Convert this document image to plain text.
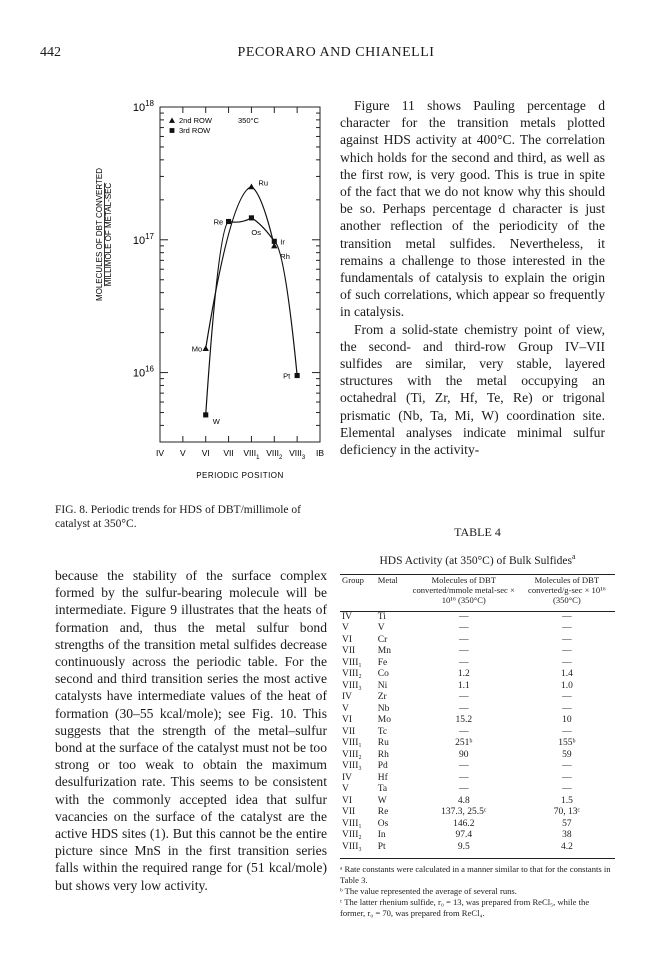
442	PECORARO AND CHIANELLI
$10^{18}$
$10^{17}$
$10^{16}$
IV V VI VII $VIII_1$ $VIII_2$ $VIII_3$ IB
PERIODIC POSITION
MOLECULES OF DBT CONVERTED MILLIMOLE OF METAL-SEC
2nd ROW
3rd ROW
350°C
Mo
Ru
Rh
W
Re
Os
Ir
Pt
FIG. 8. Periodic trends for HDS of DBT/millimole of catalyst at 350°C.

Figure 11 shows Pauling percentage d character for the transition metals plotted against HDS activity at 400°C. The correlation which holds for the second and third, as well as the first row, is very good. This is true in spite of the fact that we do not know why this should be so. Perhaps percentage d character is just another reflection of the periodicity of the transition metal sulfides. Nevertheless, it remains a challenge to those interested in the fundamentals of catalysis to explain the origin of such correlations, which appear so frequently in catalysis.

From a solid-state chemistry point of view, the second- and third-row Group IV–VII sulfides are similar, very stable, layered structures with the metal occupying an octahedral (Ti, Zr, Hf, Te, Re) or trigonal prismatic (Nb, Ta, Mi, W) coordination site. Elemental analyses indicate minimal sulfur deficiency in the activity-

because the stability of the surface complex formed by the sulfur-bearing molecule will be intermediate. Figure 9 illustrates that the heats of formation and, thus the metal sulfur bond strengths of the transition metal sulfides decrease continuously across the periodic table. For the second and third transition series the most active catalysts have intermediate values of the heat of formation (30–55 kcal/mole); see Fig. 10. This suggests that the strength of the metal–sulfur bond at the surface of the catalyst must not be too strong or too weak to obtain the maximum desulfurization rate. This seems to be consistent with the commonly accepted idea that sulfur vacancies on the surface of the catalyst are the active HDS sites (1). But this cannot be the entire picture since MnS in the first transition series falls within the required range for (51 kcal/mole) but shows very low activity.

TABLE 4
HDS Activity (at 350°C) of Bulk Sulfides$^a$
Group	Metal	Molecules of DBT converted/mmole metal-sec × 10¹⁶ (350°C)	Molecules of DBT converted/g-sec × 10¹⁶ (350°C)

IV	Ti	—	—
V	V	—	—
VI	Cr	—	—
VII	Mn	—	—
VIII₁	Fe	—	—
VIII₂	Co	1.2	1.4
VIII₃	Ni	1.1	1.0
IV	Zr	—	—
V	Nb	—	—
VI	Mo	15.2	10
VII	Tc	—	—
VIII₁	Ru	251ᵇ	155ᵇ
VIII₂	Rh	90	59
VIII₃	Pd	—	—
IV	Hf	—	—
V	Ta	—	—
VI	W	4.8	1.5
VII	Re	137.3, 25.5ᶜ	70, 13ᶜ
VIII₁	Os	146.2	57
VIII₂	In	97.4	38
VIII₃	Pt	9.5	4.2
ᵃ Rate constants were calculated in a manner similar to that for the constants in Table 3.
ᵇ The value represented the average of several runs.
ᶜ The latter rhenium sulfide, r₀ = 13, was prepared from ReCl₅, while the former, r₀ = 70, was prepared from ReCl₄.
